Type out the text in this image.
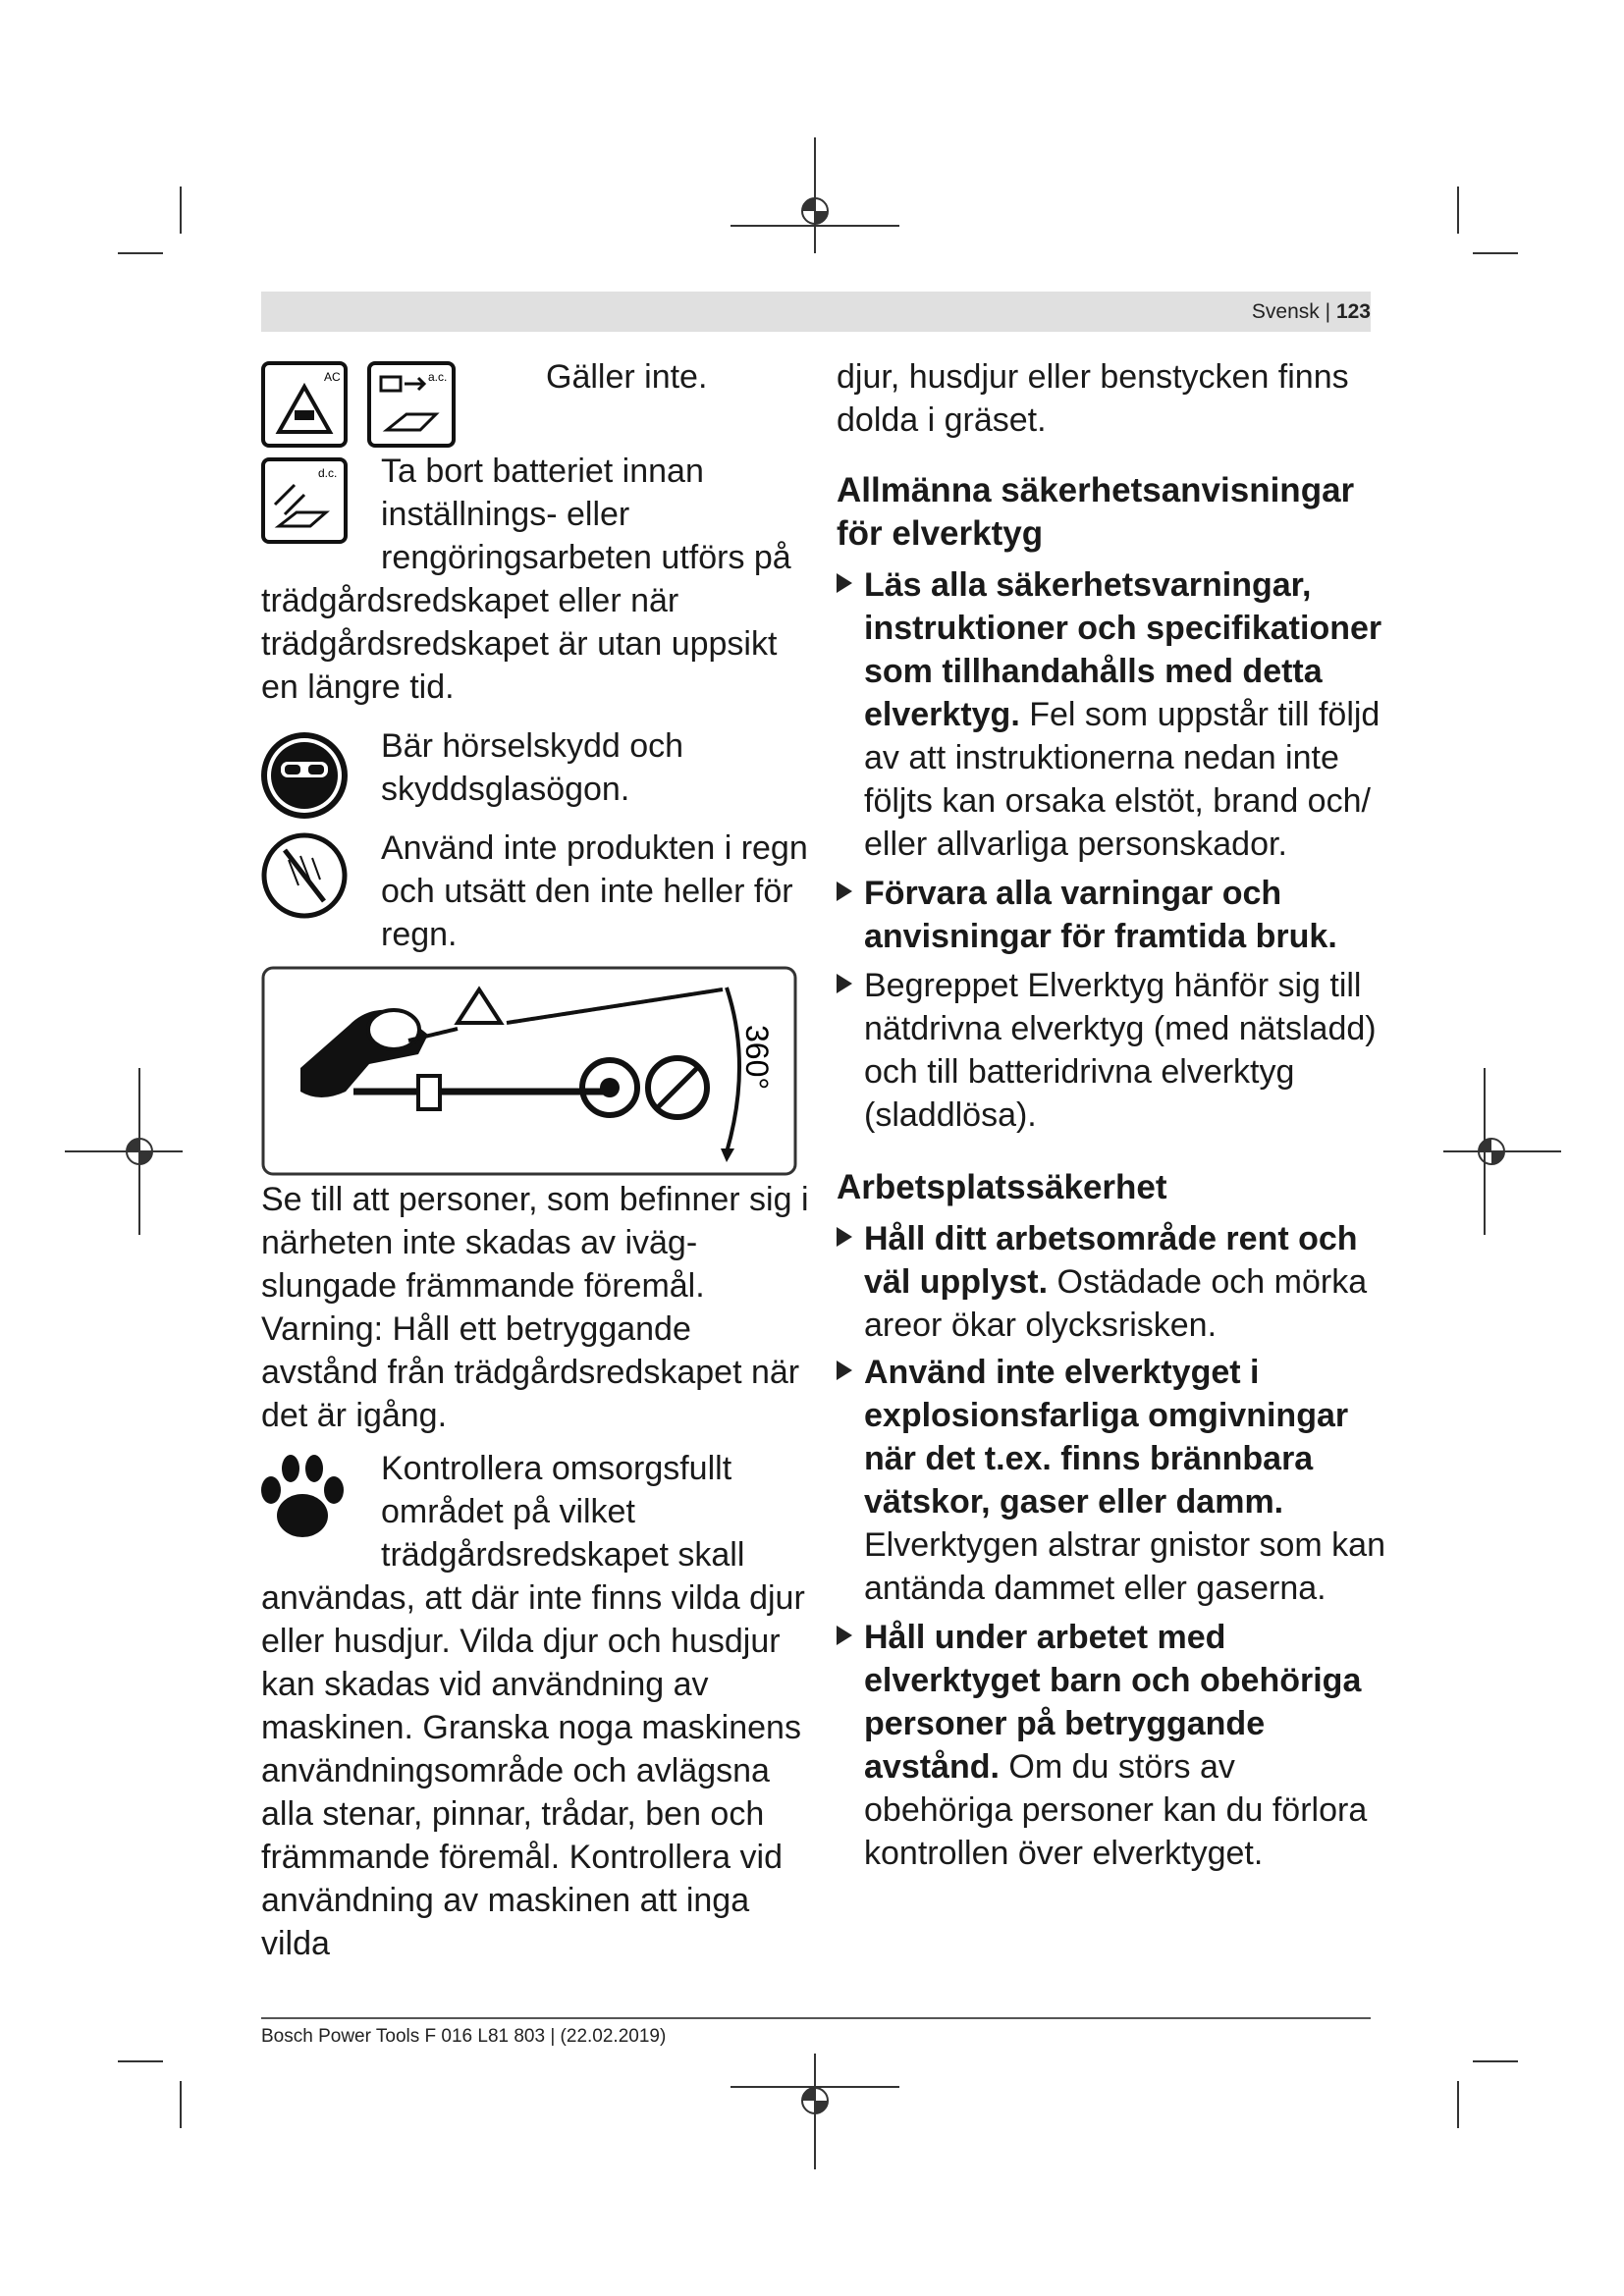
Svensk | 123
AC	a.c.	Gäller inte.

d.c. Ta bort batteriet innan

inställnings- eller

rengöringsarbeten utförs på

trädgårdsredskapet eller när trädgårdsredskapet är utan uppsikt en längre tid.

Bär hörselskydd och

skyddsglasögon.

Använd inte produkten i regn

och utsätt den inte heller för

regn.

360°

Se till att personer, som befinner sig i närheten inte skadas av ivägslungade främmande föremål.

Varning: Håll ett betryggande avstånd från trädgårdsredskapet när det är igång.

Kontrollera omsorgsfullt

området på vilket

trädgårdsredskapet skall

användas, att där inte finns vilda djur eller husdjur. Vilda djur och husdjur kan skadas vid användning av maskinen. Granska noga maskinens användningsområde och avlägsna alla stenar, pinnar, trådar, ben och främmande föremål. Kontrollera vid användning av maskinen att inga vilda

djur, husdjur eller benstycken finns dolda i gräset.

Allmänna säkerhetsanvisningar för elverktyg

Läs alla säkerhetsvarningar, instruktioner och specifikationer som tillhandahålls med detta elverktyg. Fel som uppstår till följd av att instruktionerna nedan inte följts kan orsaka elstöt, brand och/ eller allvarliga personskador.

Förvara alla varningar och anvisningar för framtida bruk.

Begreppet Elverktyg hänför sig till nätdrivna elverktyg (med nätsladd) och till batteridrivna elverktyg (sladdlösa).

Arbetsplatssäkerhet

Håll ditt arbetsområde rent och väl upplyst. Ostädade och mörka areor ökar olycksrisken.

Använd inte elverktyget i explosionsfarliga omgivningar när det t.ex. finns brännbara vätskor, gaser eller damm. Elverktygen alstrar gnistor som kan antända dammet eller gaserna.

Håll under arbetet med elverktyget barn och obehöriga personer på betryggande avstånd. Om du störs av obehöriga personer kan du förlora kontrollen över elverktyget.

Bosch Power Tools F 016 L81 803 | (22.02.2019)
